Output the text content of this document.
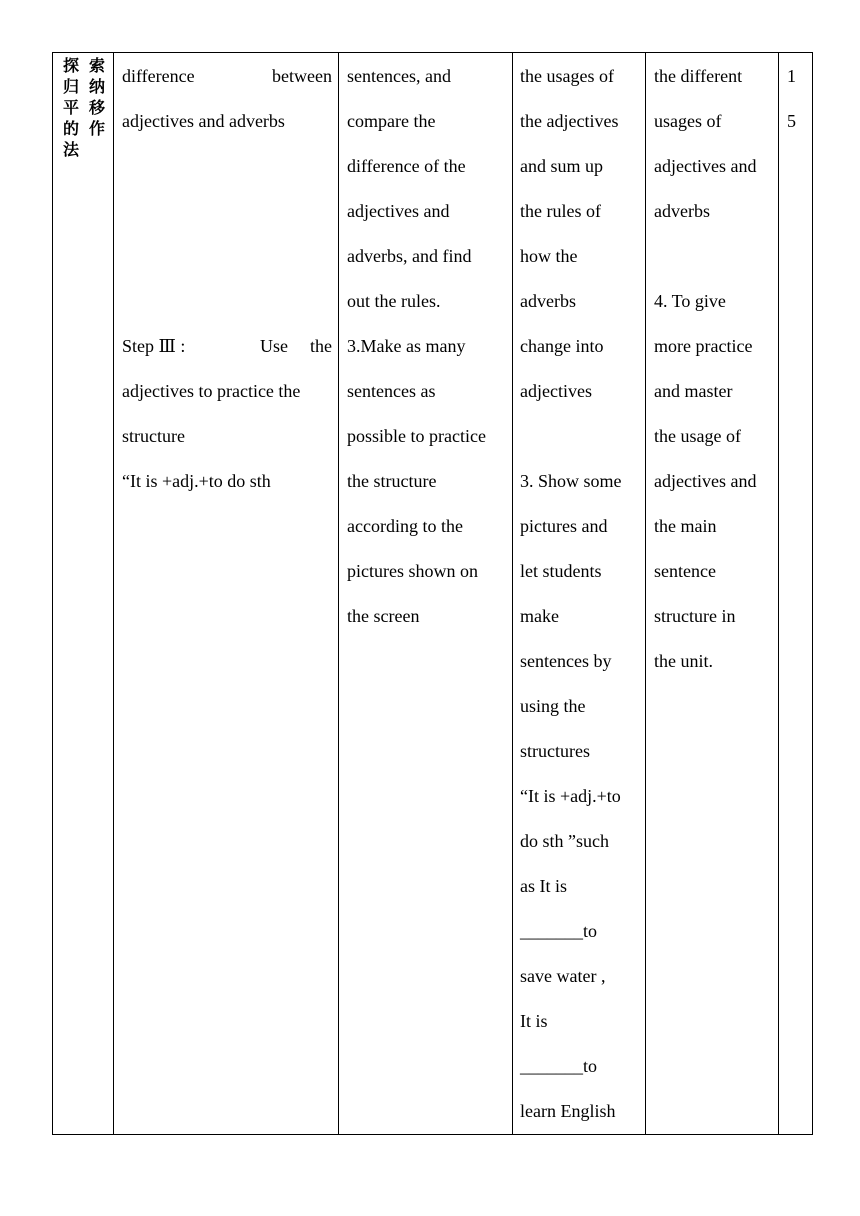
探归平的法
索纳移作

difference	between
adjectives and adverbs
Step Ⅲ :	Use the
adjectives to practice the
structure
“It is +adj.+to do sth

sentences, and
compare the
difference of the
adjectives and
adverbs, and find
out the rules.
3.Make as many
sentences as
possible to practice
the structure
according to the
pictures shown on
the screen

the usages of
the adjectives
and sum up
the rules of
how the
adverbs
change into
adjectives
3. Show some
pictures and
let students
make
sentences by
using the
structures
“It is +adj.+to
do sth ”such
as It is
_______to
save water ,
It is
_______to
learn English

the different
usages of
adjectives and
adverbs
4. To give
more practice
and master
the usage of
adjectives and
the main
sentence
structure in
the unit.

1
5
